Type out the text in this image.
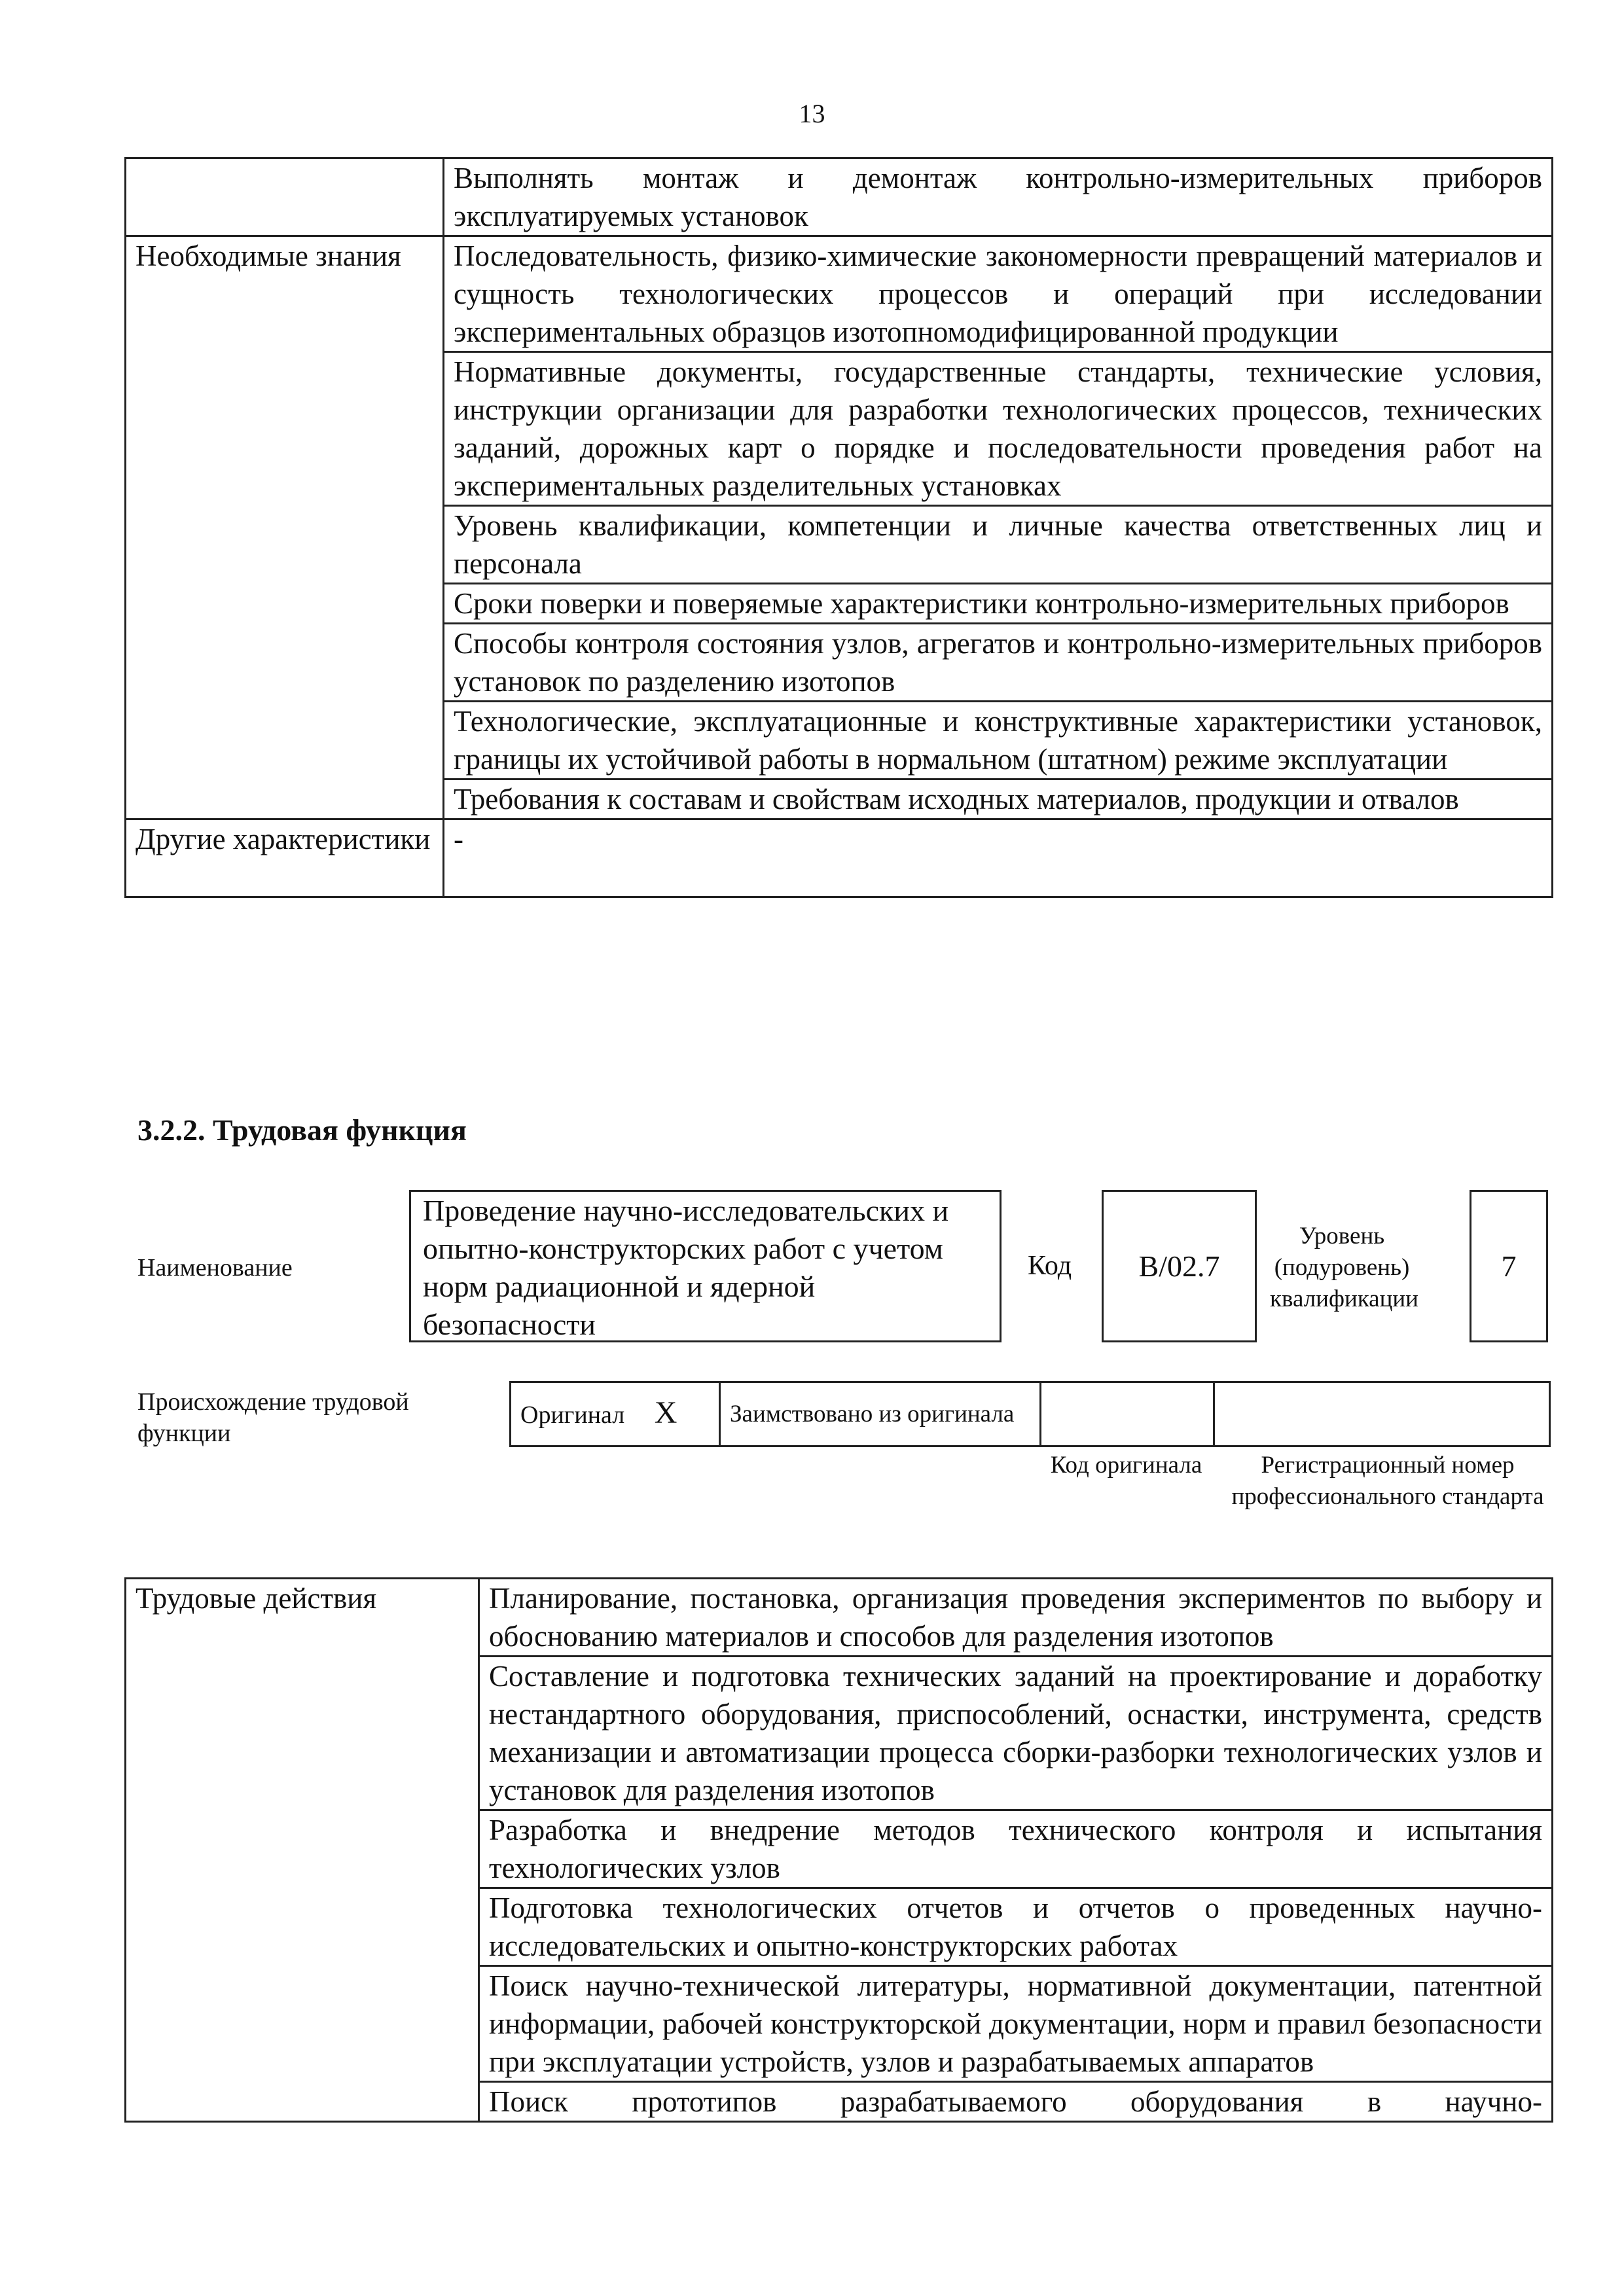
13
	Выполнять монтаж и демонтаж контрольно-измерительных приборов эксплуатируемых установок
Необходимые знания	Последовательность, физико-химические закономерности превращений материалов и сущность технологических процессов и операций при исследовании экспериментальных образцов изотопномодифицированной продукции
	Нормативные документы, государственные стандарты, технические условия, инструкции организации для разработки технологических процессов, технических заданий, дорожных карт о порядке и последовательности проведения работ на экспериментальных разделительных установках
	Уровень квалификации, компетенции и личные качества ответственных лиц и персонала
	Сроки поверки и поверяемые характеристики контрольно-измерительных приборов
	Способы контроля состояния узлов, агрегатов и контрольно-измерительных приборов установок по разделению изотопов
	Технологические, эксплуатационные и конструктивные характеристики установок, границы их устойчивой работы в нормальном (штатном) режиме эксплуатации
	Требования к составам и свойствам исходных материалов, продукции и отвалов
Другие характеристики	-
3.2.2. Трудовая функция
Наименование
Проведение научно-исследовательских и опытно-конструкторских работ с учетом норм радиационной и ядерной безопасности
Код	B/02.7
Уровень (подуровень) квалификации
7
Происхождение трудовой функции
Оригинал X	Заимствовано из оригинала		
Код оригинала	Регистрационный номер профессионального стандарта
Трудовые действия	Планирование, постановка, организация проведения экспериментов по выбору и обоснованию материалов и способов для разделения изотопов
Составление и подготовка технических заданий на проектирование и доработку нестандартного оборудования, приспособлений, оснастки, инструмента, средств механизации и автоматизации процесса сборки-разборки технологических узлов и установок для разделения изотопов
Разработка и внедрение методов технического контроля и испытания технологических узлов
Подготовка технологических отчетов и отчетов о проведенных научно-исследовательских и опытно-конструкторских работах
Поиск научно-технической литературы, нормативной документации, патентной информации, рабочей конструкторской документации, норм и правил безопасности при эксплуатации устройств, узлов и разрабатываемых аппаратов
Поиск прототипов разрабатываемого оборудования в научно-
